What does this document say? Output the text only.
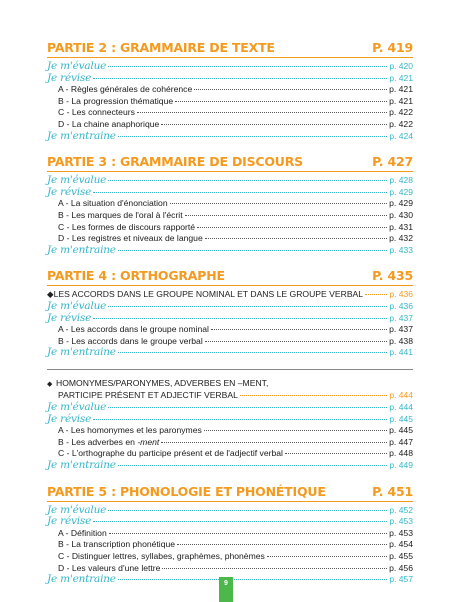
PARTIE 2 : GRAMMAIRE DE TEXTE	P. 419
Je m'évalue	p. 420
Je révise	p. 421
A - Règles générales de cohérence	p. 421
B - La progression thématique	p. 421
C - Les connecteurs	p. 422
D - La chaine anaphorique	p. 422
Je m'entraine	p. 424
PARTIE 3 : GRAMMAIRE DE DISCOURS	P. 427
Je m'évalue	p. 428
Je révise	p. 429
A - La situation d'énonciation	p. 429
B - Les marques de l'oral à l'écrit	p. 430
C - Les formes de discours rapporté	p. 431
D - Les registres et niveaux de langue	p. 432
Je m'entraine	p. 433
PARTIE 4 : ORTHOGRAPHE	P. 435
◆LES ACCORDS DANS LE GROUPE NOMINAL ET DANS LE GROUPE VERBAL	p. 436
Je m'évalue	p. 436
Je révise	p. 437
A - Les accords dans le groupe nominal	p. 437
B - Les accords dans le groupe verbal	p. 438
Je m'entraine	p. 441
◆ HOMONYMES/PARONYMES, ADVERBES EN –MENT,
PARTICIPE PRÉSENT ET ADJECTIF VERBAL	p. 444
Je m'évalue	p. 444
Je révise	p. 445
A - Les homonymes et les paronymes	p. 445
B - Les adverbes en -ment	p. 447
C - L'orthographe du participe présent et de l'adjectif verbal	p. 448
Je m'entraine	p. 449
PARTIE 5 : PHONOLOGIE ET PHONÉTIQUE	P. 451
Je m'évalue	p. 452
Je révise	p. 453
A - Définition	p. 453
B - La transcription phonétique	p. 454
C - Distinguer lettres, syllabes, graphèmes, phonèmes	p. 455
D - Les valeurs d'une lettre	p. 456
Je m'entraine	p. 457
9
